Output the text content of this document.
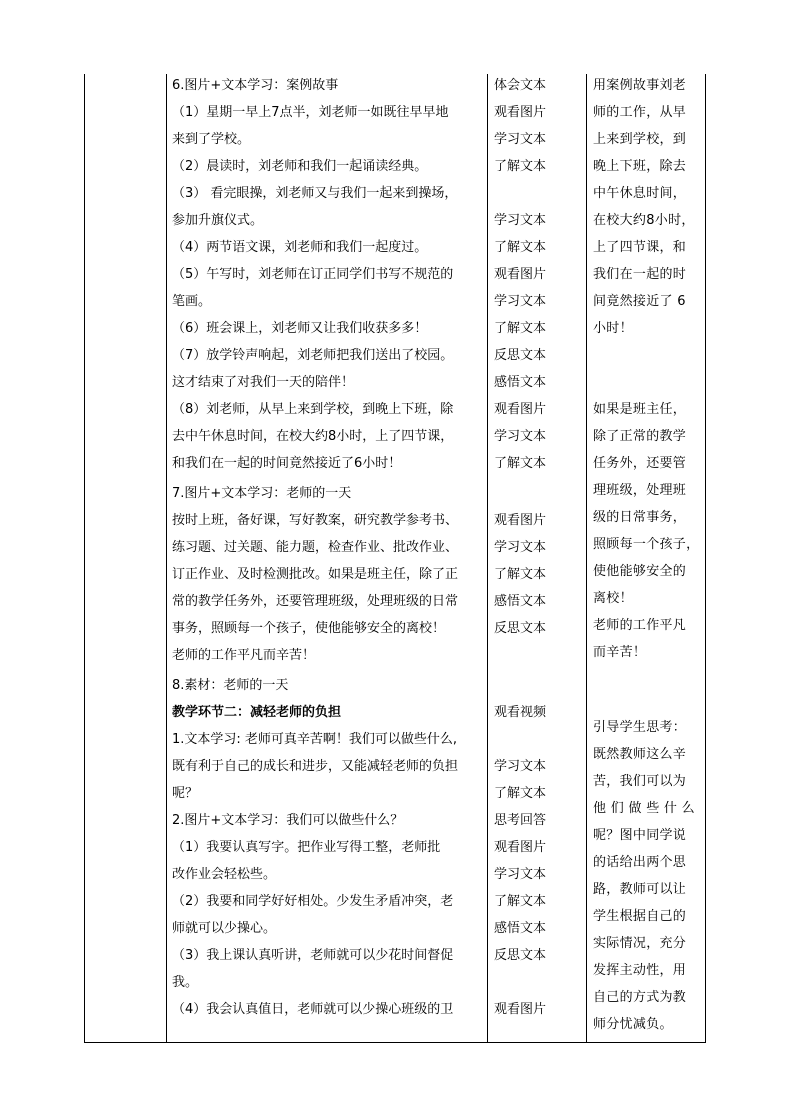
6.图片+文本学习：案例故事
（1）星期一早上7点半，刘老师一如既往早早地
来到了学校。
（2）晨读时，刘老师和我们一起诵读经典。
（3） 看完眼操，刘老师又与我们一起来到操场，
参加升旗仪式。
（4）两节语文课，刘老师和我们一起度过。
（5）午写时，刘老师在订正同学们书写不规范的
笔画。
（6）班会课上，刘老师又让我们收获多多！
（7）放学铃声响起，刘老师把我们送出了校园。
这才结束了对我们一天的陪伴！
（8）刘老师，从早上来到学校，到晚上下班，除
去中午休息时间，在校大约8小时，上了四节课，
和我们在一起的时间竟然接近了6小时！
7.图片+文本学习：老师的一天
按时上班，备好课，写好教案，研究教学参考书、
练习题、过关题、能力题，检查作业、批改作业、
订正作业、及时检测批改。如果是班主任，除了正
常的教学任务外，还要管理班级，处理班级的日常
事务，照顾每一个孩子，使他能够安全的离校！
老师的工作平凡而辛苦！
8.素材：老师的一天
教学环节二：减轻老师的负担
1.文本学习: 老师可真辛苦啊！我们可以做些什么,
既有利于自己的成长和进步，又能减轻老师的负担
呢？
2.图片+文本学习：我们可以做些什么？
（1）我要认真写字。把作业写得工整，老师批
改作业会轻松些。
（2）我要和同学好好相处。少发生矛盾冲突，老
师就可以少操心。
（3）我上课认真听讲，老师就可以少花时间督促
我。
（4）我会认真值日，老师就可以少操心班级的卫
体会文本
观看图片
学习文本
了解文本
学习文本
了解文本
观看图片
学习文本
了解文本
反思文本
感悟文本
观看图片
学习文本
了解文本
观看图片
学习文本
了解文本
感悟文本
反思文本
观看视频
学习文本
了解文本
思考回答
观看图片
学习文本
了解文本
感悟文本
反思文本
观看图片
用案例故事刘老
师的工作，从早
上来到学校，到
晚上下班，除去
中午休息时间，
在校大约8小时，
上了四节课，和
我们在一起的时
间竟然接近了 6
小时！
如果是班主任，
除了正常的教学
任务外，还要管
理班级，处理班
级的日常事务，
照顾每一个孩子，
使他能够安全的
离校！
老师的工作平凡
而辛苦！
引导学生思考：
既然教师这么辛
苦，我们可以为
他 们 做 些 什 么
呢？图中同学说
的话给出两个思
路，教师可以让
学生根据自己的
实际情况，充分
发挥主动性，用
自己的方式为教
师分忧减负。
